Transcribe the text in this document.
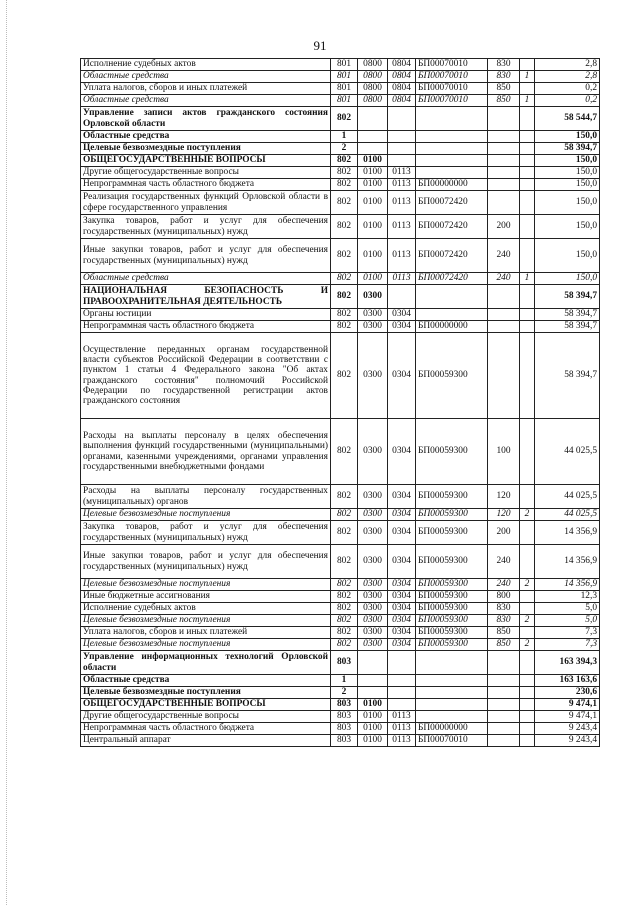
91
Исполнение судебных актов	801	0800	0804	БП00070010	830		2,8
Областные средства	801	0800	0804	БП00070010	830	1	2,8
Уплата налогов, сборов и иных платежей	801	0800	0804	БП00070010	850		0,2
Областные средства	801	0800	0804	БП00070010	850	1	0,2
Управление записи актов гражданского состояния Орловской области	802						58 544,7
Областные средства	1						150,0
Целевые безвозмездные поступления	2						58 394,7
ОБЩЕГОСУДАРСТВЕННЫЕ ВОПРОСЫ	802	0100					150,0
Другие общегосударственные вопросы	802	0100	0113				150,0
Непрограммная часть областного бюджета	802	0100	0113	БП00000000			150,0
Реализация государственных функций Орловской области в сфере государственного управления	802	0100	0113	БП00072420			150,0
Закупка товаров, работ и услуг для обеспечения государственных (муниципальных) нужд	802	0100	0113	БП00072420	200		150,0
Иные закупки товаров, работ и услуг для обеспечения государственных (муниципальных) нужд	802	0100	0113	БП00072420	240		150,0
Областные средства	802	0100	0113	БП00072420	240	1	150,0
НАЦИОНАЛЬНАЯ БЕЗОПАСНОСТЬ И ПРАВООХРАНИТЕЛЬНАЯ ДЕЯТЕЛЬНОСТЬ	802	0300					58 394,7
Органы юстиции	802	0300	0304				58 394,7
Непрограммная часть областного бюджета	802	0300	0304	БП00000000			58 394,7
Осуществление переданных органам государственной власти субъектов Российской Федерации в соответствии с пунктом 1 статьи 4 Федерального закона "Об актах гражданского состояния" полномочий Российской Федерации по государственной регистрации актов гражданского состояния	802	0300	0304	БП00059300			58 394,7
Расходы на выплаты персоналу в целях обеспечения выполнения функций государственными (муниципальными) органами, казенными учреждениями, органами управления государственными внебюджетными фондами	802	0300	0304	БП00059300	100		44 025,5
Расходы на выплаты персоналу государственных (муниципальных) органов	802	0300	0304	БП00059300	120		44 025,5
Целевые безвозмездные поступления	802	0300	0304	БП00059300	120	2	44 025,5
Закупка товаров, работ и услуг для обеспечения государственных (муниципальных) нужд	802	0300	0304	БП00059300	200		14 356,9
Иные закупки товаров, работ и услуг для обеспечения государственных (муниципальных) нужд	802	0300	0304	БП00059300	240		14 356,9
Целевые безвозмездные поступления	802	0300	0304	БП00059300	240	2	14 356,9
Иные бюджетные ассигнования	802	0300	0304	БП00059300	800		12,3
Исполнение судебных актов	802	0300	0304	БП00059300	830		5,0
Целевые безвозмездные поступления	802	0300	0304	БП00059300	830	2	5,0
Уплата налогов, сборов и иных платежей	802	0300	0304	БП00059300	850		7,3
Целевые безвозмездные поступления	802	0300	0304	БП00059300	850	2	7,3
Управление информационных технологий Орловской области	803						163 394,3
Областные средства	1						163 163,6
Целевые безвозмездные поступления	2						230,6
ОБЩЕГОСУДАРСТВЕННЫЕ ВОПРОСЫ	803	0100					9 474,1
Другие общегосударственные вопросы	803	0100	0113				9 474,1
Непрограммная часть областного бюджета	803	0100	0113	БП00000000			9 243,4
Центральный аппарат	803	0100	0113	БП00070010			9 243,4
